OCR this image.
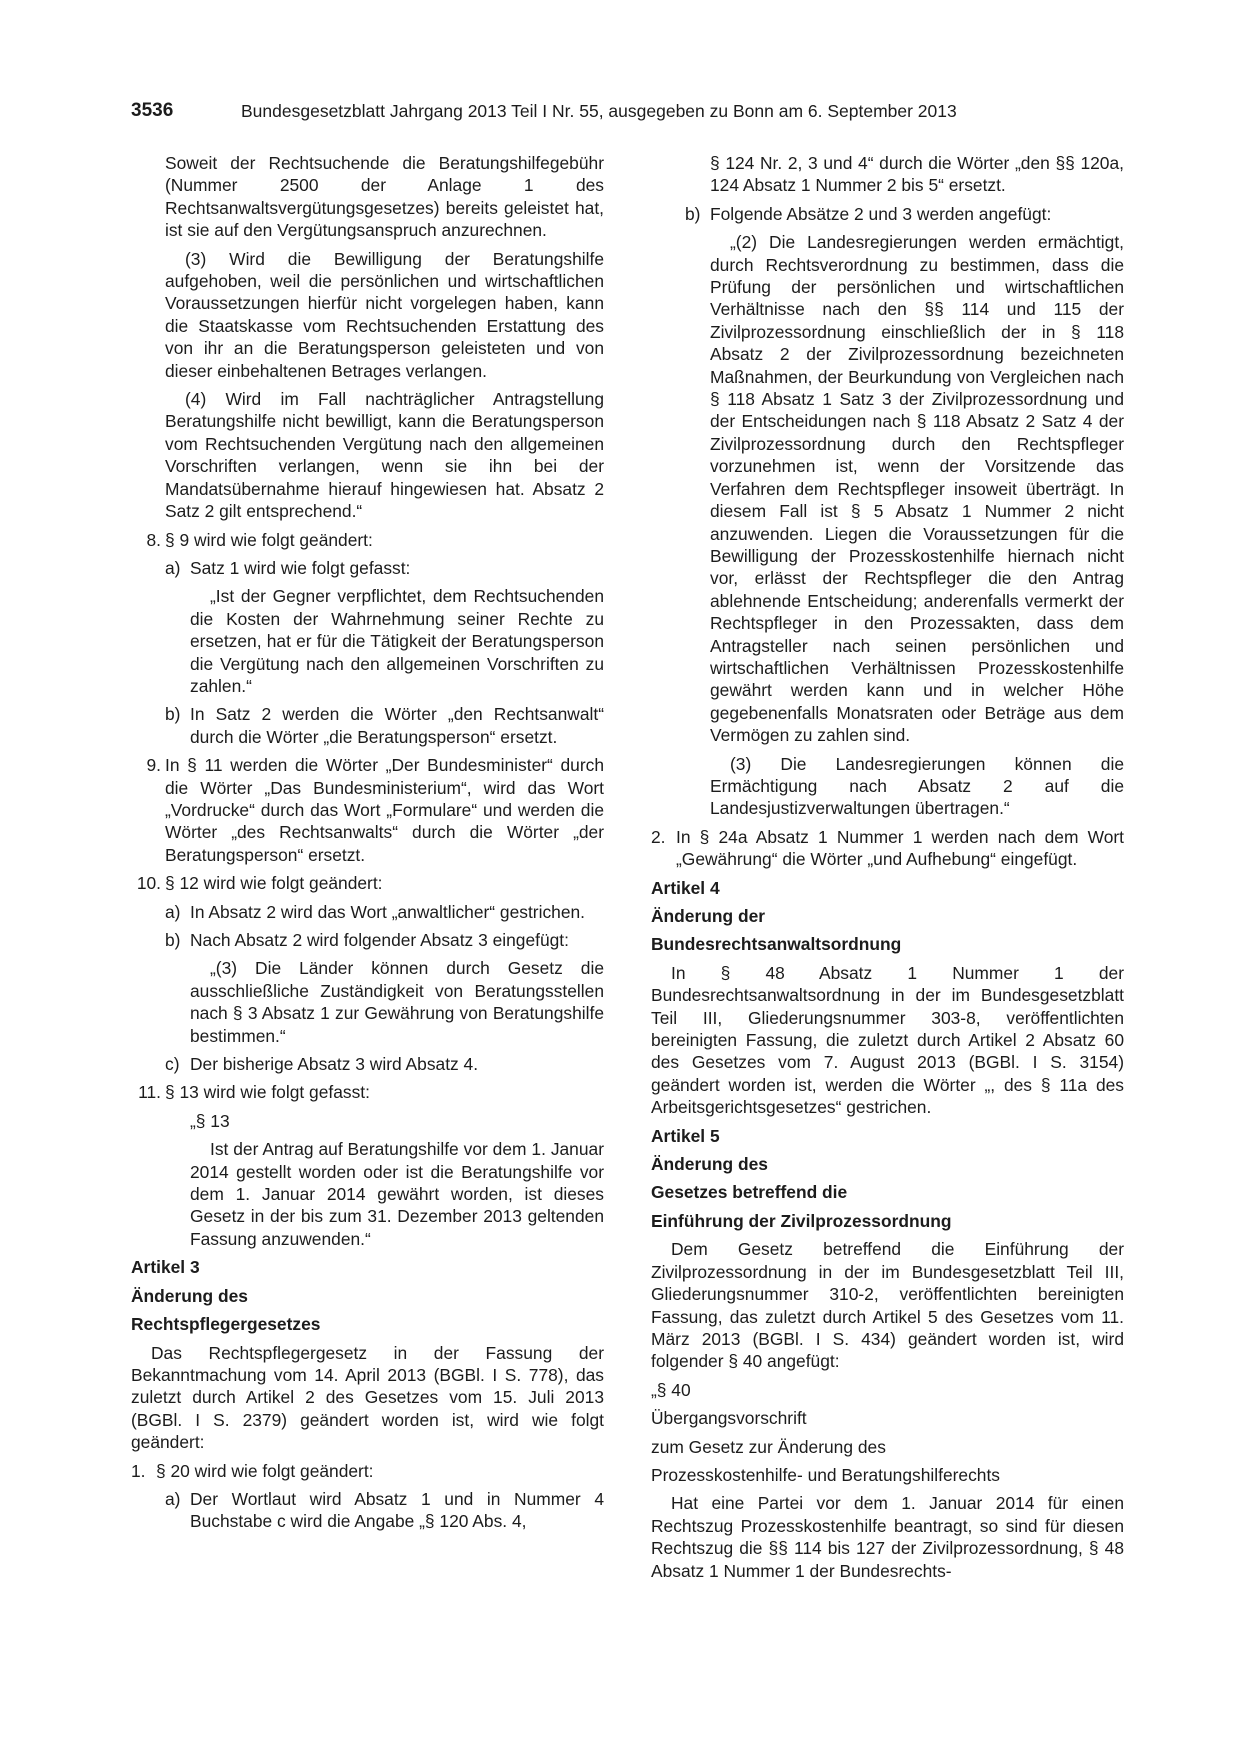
3536	Bundesgesetzblatt Jahrgang 2013 Teil I Nr. 55, ausgegeben zu Bonn am 6. September 2013

Soweit der Rechtsuchende die Beratungshilfegebühr (Nummer 2500 der Anlage 1 des Rechtsanwaltsvergütungsgesetzes) bereits geleistet hat, ist sie auf den Vergütungsanspruch anzurechnen.

(3) Wird die Bewilligung der Beratungshilfe aufgehoben, weil die persönlichen und wirtschaftlichen Voraussetzungen hierfür nicht vorgelegen haben, kann die Staatskasse vom Rechtsuchenden Erstattung des von ihr an die Beratungsperson geleisteten und von dieser einbehaltenen Betrages verlangen.

(4) Wird im Fall nachträglicher Antragstellung Beratungshilfe nicht bewilligt, kann die Beratungsperson vom Rechtsuchenden Vergütung nach den allgemeinen Vorschriften verlangen, wenn sie ihn bei der Mandatsübernahme hierauf hingewiesen hat. Absatz 2 Satz 2 gilt entsprechend.“

8. § 9 wird wie folgt geändert:

a) Satz 1 wird wie folgt gefasst:

„Ist der Gegner verpflichtet, dem Rechtsuchenden die Kosten der Wahrnehmung seiner Rechte zu ersetzen, hat er für die Tätigkeit der Beratungsperson die Vergütung nach den allgemeinen Vorschriften zu zahlen.“

b) In Satz 2 werden die Wörter „den Rechtsanwalt“ durch die Wörter „die Beratungsperson“ ersetzt.

9. In § 11 werden die Wörter „Der Bundesminister“ durch die Wörter „Das Bundesministerium“, wird das Wort „Vordrucke“ durch das Wort „Formulare“ und werden die Wörter „des Rechtsanwalts“ durch die Wörter „der Beratungsperson“ ersetzt.

10. § 12 wird wie folgt geändert:

a) In Absatz 2 wird das Wort „anwaltlicher“ gestrichen.

b) Nach Absatz 2 wird folgender Absatz 3 eingefügt:

„(3) Die Länder können durch Gesetz die ausschließliche Zuständigkeit von Beratungsstellen nach § 3 Absatz 1 zur Gewährung von Beratungshilfe bestimmen.“

c) Der bisherige Absatz 3 wird Absatz 4.

11. § 13 wird wie folgt gefasst:

„§ 13

Ist der Antrag auf Beratungshilfe vor dem 1. Januar 2014 gestellt worden oder ist die Beratungshilfe vor dem 1. Januar 2014 gewährt worden, ist dieses Gesetz in der bis zum 31. Dezember 2013 geltenden Fassung anzuwenden.“

Artikel 3

Änderung des

Rechtspflegergesetzes

Das Rechtspflegergesetz in der Fassung der Bekanntmachung vom 14. April 2013 (BGBl. I S. 778), das zuletzt durch Artikel 2 des Gesetzes vom 15. Juli 2013 (BGBl. I S. 2379) geändert worden ist, wird wie folgt geändert:

1. § 20 wird wie folgt geändert:

a) Der Wortlaut wird Absatz 1 und in Nummer 4 Buchstabe c wird die Angabe „§ 120 Abs. 4,

§ 124 Nr. 2, 3 und 4“ durch die Wörter „den §§ 120a, 124 Absatz 1 Nummer 2 bis 5“ ersetzt.

b) Folgende Absätze 2 und 3 werden angefügt:

„(2) Die Landesregierungen werden ermächtigt, durch Rechtsverordnung zu bestimmen, dass die Prüfung der persönlichen und wirtschaftlichen Verhältnisse nach den §§ 114 und 115 der Zivilprozessordnung einschließlich der in § 118 Absatz 2 der Zivilprozessordnung bezeichneten Maßnahmen, der Beurkundung von Vergleichen nach § 118 Absatz 1 Satz 3 der Zivilprozessordnung und der Entscheidungen nach § 118 Absatz 2 Satz 4 der Zivilprozessordnung durch den Rechtspfleger vorzunehmen ist, wenn der Vorsitzende das Verfahren dem Rechtspfleger insoweit überträgt. In diesem Fall ist § 5 Absatz 1 Nummer 2 nicht anzuwenden. Liegen die Voraussetzungen für die Bewilligung der Prozesskostenhilfe hiernach nicht vor, erlässt der Rechtspfleger die den Antrag ablehnende Entscheidung; anderenfalls vermerkt der Rechtspfleger in den Prozessakten, dass dem Antragsteller nach seinen persönlichen und wirtschaftlichen Verhältnissen Prozesskostenhilfe gewährt werden kann und in welcher Höhe gegebenenfalls Monatsraten oder Beträge aus dem Vermögen zu zahlen sind.

(3) Die Landesregierungen können die Ermächtigung nach Absatz 2 auf die Landesjustizverwaltungen übertragen.“

2. In § 24a Absatz 1 Nummer 1 werden nach dem Wort „Gewährung“ die Wörter „und Aufhebung“ eingefügt.

Artikel 4

Änderung der

Bundesrechtsanwaltsordnung

In § 48 Absatz 1 Nummer 1 der Bundesrechtsanwaltsordnung in der im Bundesgesetzblatt Teil III, Gliederungsnummer 303-8, veröffentlichten bereinigten Fassung, die zuletzt durch Artikel 2 Absatz 60 des Gesetzes vom 7. August 2013 (BGBl. I S. 3154) geändert worden ist, werden die Wörter „, des § 11a des Arbeitsgerichtsgesetzes“ gestrichen.

Artikel 5

Änderung des

Gesetzes betreffend die

Einführung der Zivilprozessordnung

Dem Gesetz betreffend die Einführung der Zivilprozessordnung in der im Bundesgesetzblatt Teil III, Gliederungsnummer 310-2, veröffentlichten bereinigten Fassung, das zuletzt durch Artikel 5 des Gesetzes vom 11. März 2013 (BGBl. I S. 434) geändert worden ist, wird folgender § 40 angefügt:

„§ 40

Übergangsvorschrift

zum Gesetz zur Änderung des

Prozesskostenhilfe- und Beratungshilferechts

Hat eine Partei vor dem 1. Januar 2014 für einen Rechtszug Prozesskostenhilfe beantragt, so sind für diesen Rechtszug die §§ 114 bis 127 der Zivilprozessordnung, § 48 Absatz 1 Nummer 1 der Bundesrechts-
